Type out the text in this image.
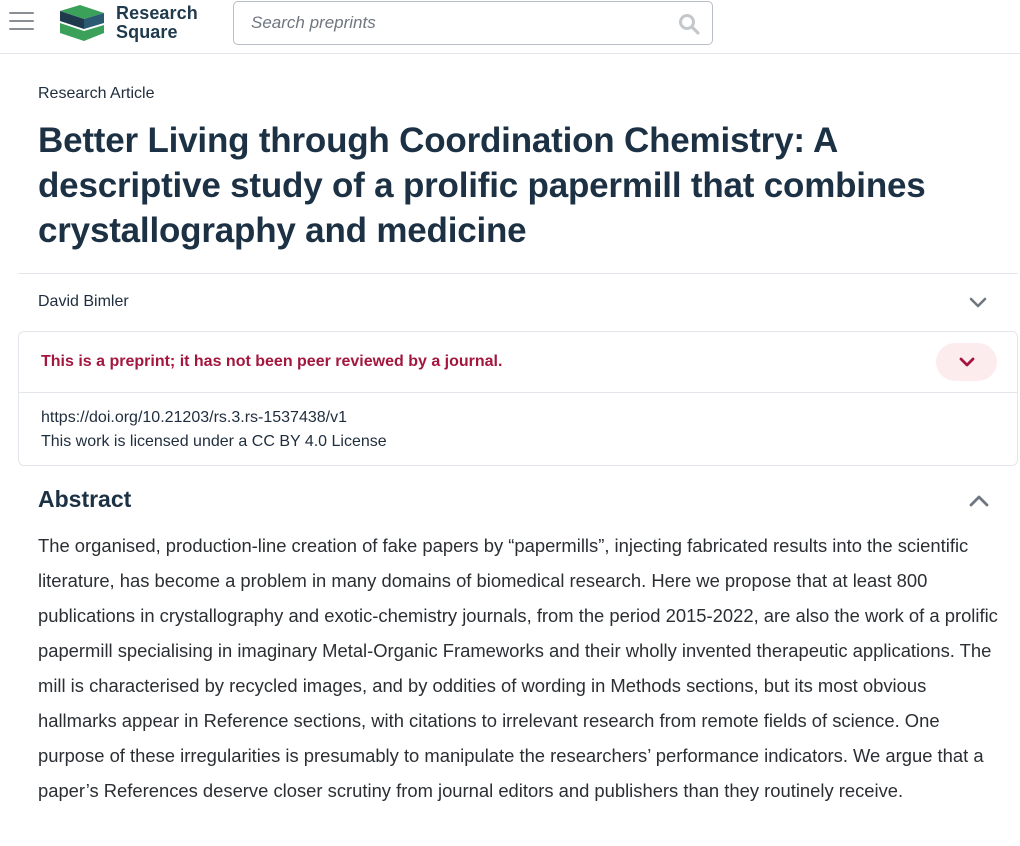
Research
Square
Search preprints
Research Article
Better Living through Coordination Chemistry: A descriptive study of a prolific papermill that combines crystallography and medicine
David Bimler
This is a preprint; it has not been peer reviewed by a journal.
https://doi.org/10.21203/rs.3.rs-1537438/v1
This work is licensed under a CC BY 4.0 License
Abstract

The organised, production-line creation of fake papers by “papermills”, injecting fabricated results into the scientific literature, has become a problem in many domains of biomedical research. Here we propose that at least 800 publications in crystallography and exotic-chemistry journals, from the period 2015-2022, are also the work of a prolific papermill specialising in imaginary Metal-Organic Frameworks and their wholly invented therapeutic applications. The mill is characterised by recycled images, and by oddities of wording in Methods sections, but its most obvious hallmarks appear in Reference sections, with citations to irrelevant research from remote fields of science. One purpose of these irregularities is presumably to manipulate the researchers’ performance indicators. We argue that a paper’s References deserve closer scrutiny from journal editors and publishers than they routinely receive.
